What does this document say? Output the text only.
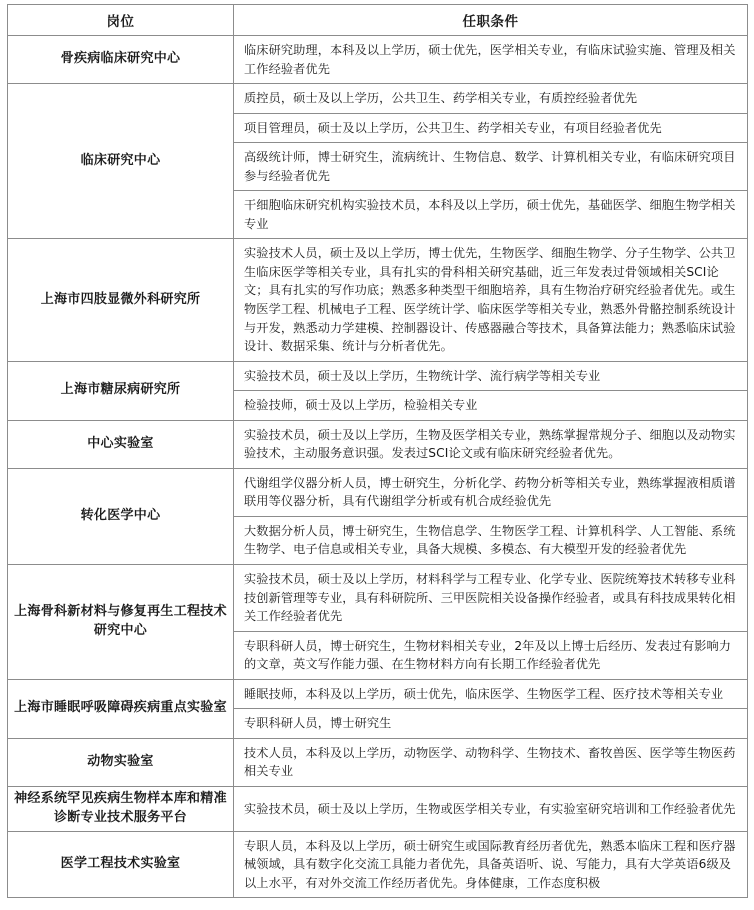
岗位	任职条件
骨疾病临床研究中心	临床研究助理，本科及以上学历，硕士优先，医学相关专业，有临床试验实施、管理及相关工作经验者优先

临床研究中心	质控员，硕士及以上学历，公共卫生、药学相关专业，有质控经验者优先

	项目管理员，硕士及以上学历，公共卫生、药学相关专业，有项目经验者优先

	高级统计师，博士研究生，流病统计、生物信息、数学、计算机相关专业，有临床研究项目参与经验者优先

	干细胞临床研究机构实验技术员，本科及以上学历，硕士优先，基础医学、细胞生物学相关专业

上海市四肢显微外科研究所	实验技术人员，硕士及以上学历，博士优先，生物医学、细胞生物学、分子生物学、公共卫生临床医学等相关专业，具有扎实的骨科相关研究基础，近三年发表过骨领域相关SCI论文；具有扎实的写作功底；熟悉多种类型干细胞培养，具有生物治疗研究经验者优先。或生物医学工程、机械电子工程、医学统计学、临床医学等相关专业，熟悉外骨骼控制系统设计与开发，熟悉动力学建模、控制器设计、传感器融合等技术，具备算法能力；熟悉临床试验设计、数据采集、统计与分析者优先。

上海市糖尿病研究所	实验技术员，硕士及以上学历，生物统计学、流行病学等相关专业

	检验技师，硕士及以上学历，检验相关专业

中心实验室	实验技术员，硕士及以上学历，生物及医学相关专业，熟练掌握常规分子、细胞以及动物实验技术，主动服务意识强。发表过SCI论文或有临床研究经验者优先。

转化医学中心	代谢组学仪器分析人员，博士研究生，分析化学、药物分析等相关专业，熟练掌握液相质谱联用等仪器分析，具有代谢组学分析或有机合成经验优先

	大数据分析人员，博士研究生，生物信息学、生物医学工程、计算机科学、人工智能、系统生物学、电子信息或相关专业，具备大规模、多模态、有大模型开发的经验者优先

上海骨科新材料与修复再生工程技术研究中心	实验技术员，硕士及以上学历，材料科学与工程专业、化学专业、医院统筹技术转移专业科技创新管理等专业，具有科研院所、三甲医院相关设备操作经验者，或具有科技成果转化相关工作经验者优先

	专职科研人员，博士研究生，生物材料相关专业，2年及以上博士后经历、发表过有影响力的文章，英文写作能力强、在生物材料方向有长期工作经验者优先

上海市睡眠呼吸障碍疾病重点实验室	睡眠技师，本科及以上学历，硕士优先，临床医学、生物医学工程、医疗技术等相关专业

	专职科研人员，博士研究生

动物实验室	技术人员，本科及以上学历，动物医学、动物科学、生物技术、畜牧兽医、医学等生物医药相关专业

神经系统罕见疾病生物样本库和精准诊断专业技术服务平台	实验技术员，硕士及以上学历，生物或医学相关专业，有实验室研究培训和工作经验者优先

医学工程技术实验室	专职人员，本科及以上学历，硕士研究生或国际教育经历者优先，熟悉本临床工程和医疗器械领域，具有数字化交流工具能力者优先，具备英语听、说、写能力，具有大学英语6级及以上水平，有对外交流工作经历者优先。身体健康，工作态度积极
